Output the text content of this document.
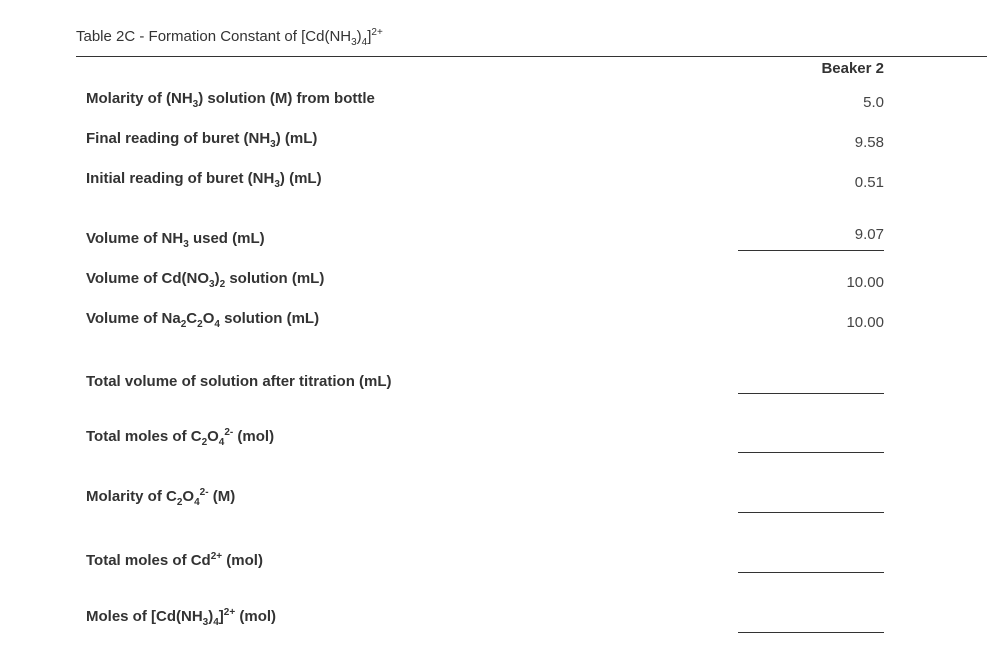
Table 2C - Formation Constant of $[Cd(NH_3)_4]^{2+}$
Beaker 2
Molarity of $(NH_3)$ solution (M) from bottle	5.0
Final reading of buret $(NH_3)$ (mL)	9.58
Initial reading of buret $(NH_3)$ (mL)	0.51
Volume of $NH_3$ used (mL)	9.07
Volume of $Cd(NO_3)_2$ solution (mL)	10.00
Volume of $Na_2C_2O_4$ solution (mL)	10.00
Total volume of solution after titration (mL)
Total moles of $C_2O_4^{2-}$ (mol)
Molarity of $C_2O_4^{2-}$ (M)
Total moles of $Cd^{2+}$ (mol)
Moles of $[Cd(NH_3)_4]^{2+}$ (mol)
